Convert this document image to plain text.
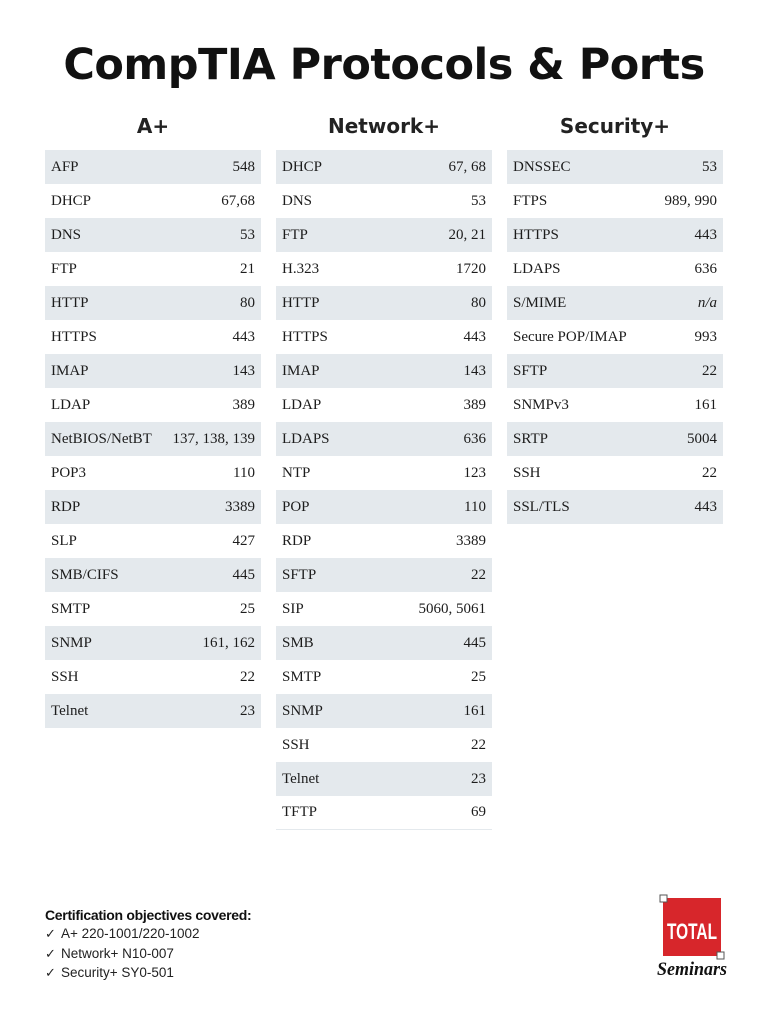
CompTIA Protocols & Ports
A+
AFP	548
DHCP	67,68
DNS	53
FTP	21
HTTP	80
HTTPS	443
IMAP	143
LDAP	389
NetBIOS/NetBT 137, 138, 139
POP3	110
RDP	3389
SLP	427
SMB/CIFS	445
SMTP	25
SNMP	161, 162
SSH	22
Telnet	23
Network+
DHCP	67, 68
DNS	53
FTP	20, 21
H.323	1720
HTTP	80
HTTPS	443
IMAP	143
LDAP	389
LDAPS	636
NTP	123
POP	110
RDP	3389
SFTP	22
SIP	5060, 5061
SMB	445
SMTP	25
SNMP	161
SSH	22
Telnet	23
TFTP	69
Security+
DNSSEC	53
FTPS	989, 990
HTTPS	443
LDAPS	636
S/MIME	n/a
Secure POP/IMAP	993
SFTP	22
SNMPv3	161
SRTP	5004
SSH	22
SSL/TLS	443
Certification objectives covered:
✓ A+ 220-1001/220-1002
✓ Network+ N10-007
✓ Security+ SY0-501
TOTAL
Seminars
